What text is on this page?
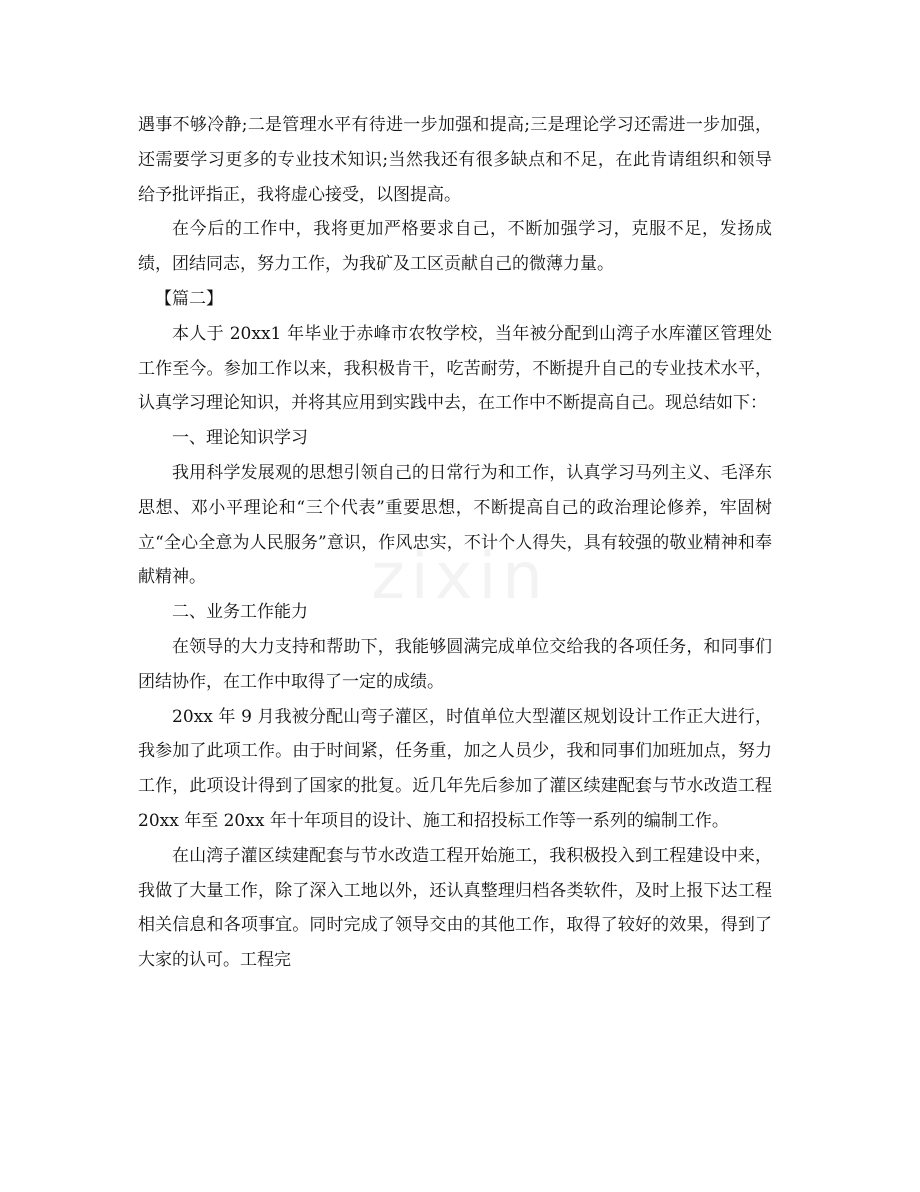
zixin

遇事不够冷静;二是管理水平有待进一步加强和提高;三是理论学习还需进一步加强，还需要学习更多的专业技术知识;当然我还有很多缺点和不足，在此肯请组织和领导给予批评指正，我将虚心接受，以图提高。

在今后的工作中，我将更加严格要求自己，不断加强学习，克服不足，发扬成绩，团结同志，努力工作，为我矿及工区贡献自己的微薄力量。

【篇二】

本人于 20xx1 年毕业于赤峰市农牧学校，当年被分配到山湾子水库灌区管理处工作至今。参加工作以来，我积极肯干，吃苦耐劳，不断提升自己的专业技术水平，认真学习理论知识，并将其应用到实践中去，在工作中不断提高自己。现总结如下：

一、理论知识学习

我用科学发展观的思想引领自己的日常行为和工作，认真学习马列主义、毛泽东思想、邓小平理论和“三个代表”重要思想，不断提高自己的政治理论修养，牢固树立“全心全意为人民服务”意识，作风忠实，不计个人得失，具有较强的敬业精神和奉献精神。

二、业务工作能力

在领导的大力支持和帮助下，我能够圆满完成单位交给我的各项任务，和同事们团结协作，在工作中取得了一定的成绩。

20xx 年 9 月我被分配山弯子灌区，时值单位大型灌区规划设计工作正大进行，我参加了此项工作。由于时间紧，任务重，加之人员少，我和同事们加班加点，努力工作，此项设计得到了国家的批复。近几年先后参加了灌区续建配套与节水改造工程 20xx 年至 20xx 年十年项目的设计、施工和招投标工作等一系列的编制工作。

在山湾子灌区续建配套与节水改造工程开始施工，我积极投入到工程建设中来，我做了大量工作，除了深入工地以外，还认真整理归档各类软件，及时上报下达工程相关信息和各项事宜。同时完成了领导交由的其他工作，取得了较好的效果，得到了大家的认可。工程完
